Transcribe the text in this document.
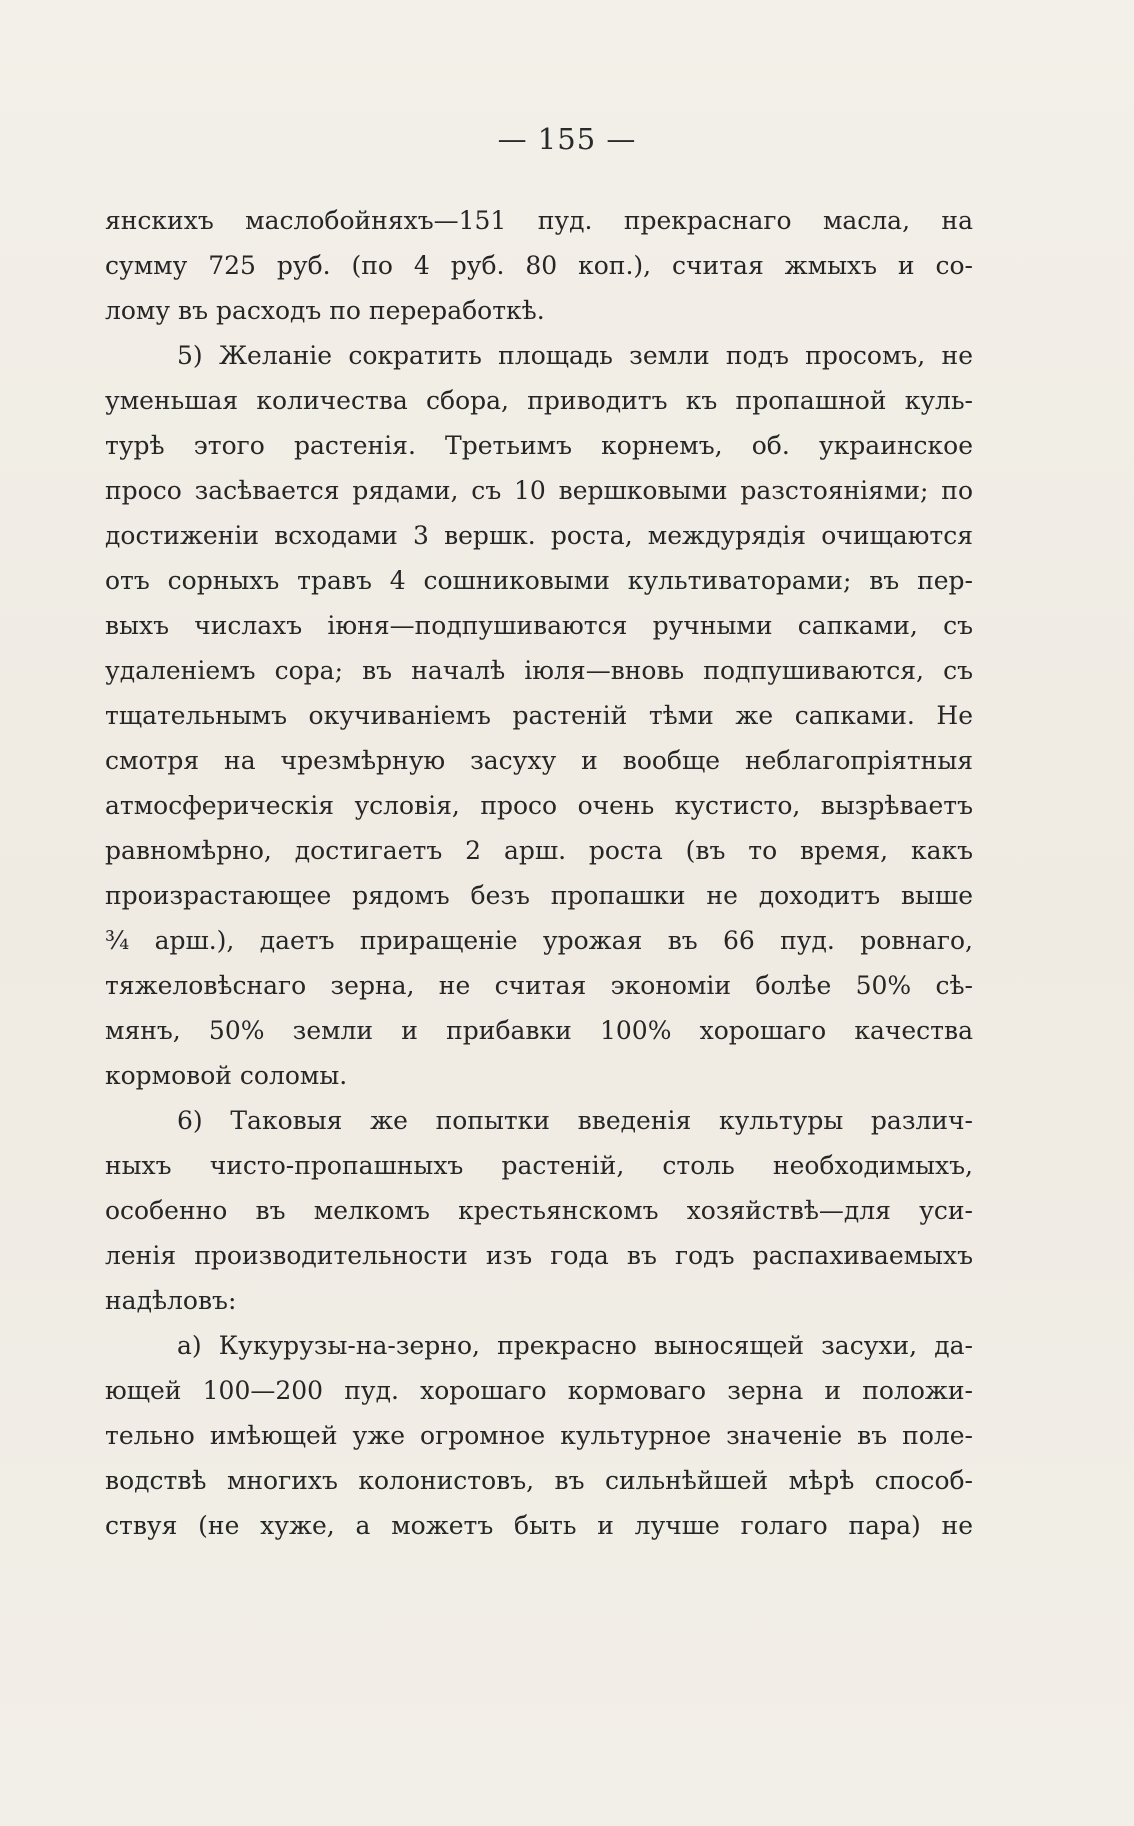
— 155 —
янскихъ маслобойняхъ—151 пуд. прекраснаго масла, на
сумму 725 руб. (по 4 руб. 80 коп.), считая жмыхъ и со-
лому въ расходъ по переработкѣ.
5) Желаніе сократить площадь земли подъ просомъ, не
уменьшая количества сбора, приводитъ къ пропашной куль-
турѣ этого растенія. Третьимъ корнемъ, об. украинское
просо засѣвается рядами, съ 10 вершковыми разстояніями; по
достиженіи всходами 3 вершк. роста, междурядія очищаются
отъ сорныхъ травъ 4 сошниковыми культиваторами; въ пер-
выхъ числахъ іюня—подпушиваются ручными сапками, съ
удаленіемъ сора; въ началѣ іюля—вновь подпушиваются, съ
тщательнымъ окучиваніемъ растеній тѣми же сапками. Не
смотря на чрезмѣрную засуху и вообще неблагопріятныя
атмосферическія условія, просо очень кустисто, вызрѣваетъ
равномѣрно, достигаетъ 2 арш. роста (въ то время, какъ
произрастающее рядомъ безъ пропашки не доходитъ выше
¾ арш.), даетъ приращеніе урожая въ 66 пуд. ровнаго,
тяжеловѣснаго зерна, не считая экономіи болѣе 50% сѣ-
мянъ, 50% земли и прибавки 100% хорошаго качества
кормовой соломы.
6) Таковыя же попытки введенія культуры различ-
ныхъ чисто-пропашныхъ растеній, столь необходимыхъ,
особенно въ мелкомъ крестьянскомъ хозяйствѣ—для уси-
ленія производительности изъ года въ годъ распахиваемыхъ
надѣловъ:
а) Кукурузы-на-зерно, прекрасно выносящей засухи, да-
ющей 100—200 пуд. хорошаго кормоваго зерна и положи-
тельно имѣющей уже огромное культурное значеніе въ поле-
водствѣ многихъ колонистовъ, въ сильнѣйшей мѣрѣ способ-
ствуя (не хуже, а можетъ быть и лучше голаго пара) не
